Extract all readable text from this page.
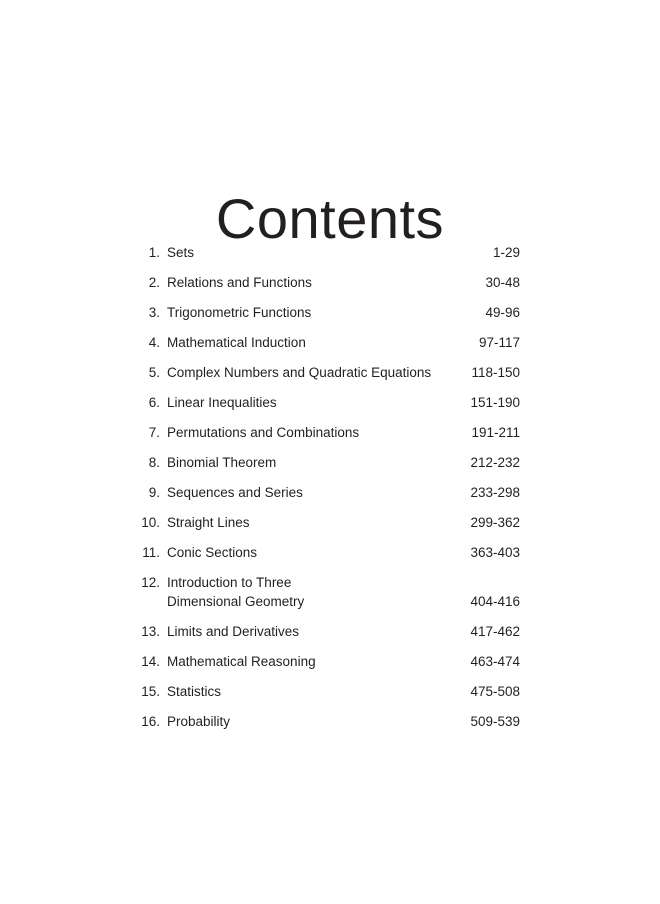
Contents
1. Sets	1-29
2. Relations and Functions	30-48
3. Trigonometric Functions	49-96
4. Mathematical Induction	97-117
5. Complex Numbers and Quadratic Equations	118-150
6. Linear Inequalities	151-190
7. Permutations and Combinations	191-211
8. Binomial Theorem	212-232
9. Sequences and Series	233-298
10. Straight Lines	299-362
11. Conic Sections	363-403
12. Introduction to Three
Dimensional Geometry	404-416
13. Limits and Derivatives	417-462
14. Mathematical Reasoning	463-474
15. Statistics	475-508
16. Probability	509-539
